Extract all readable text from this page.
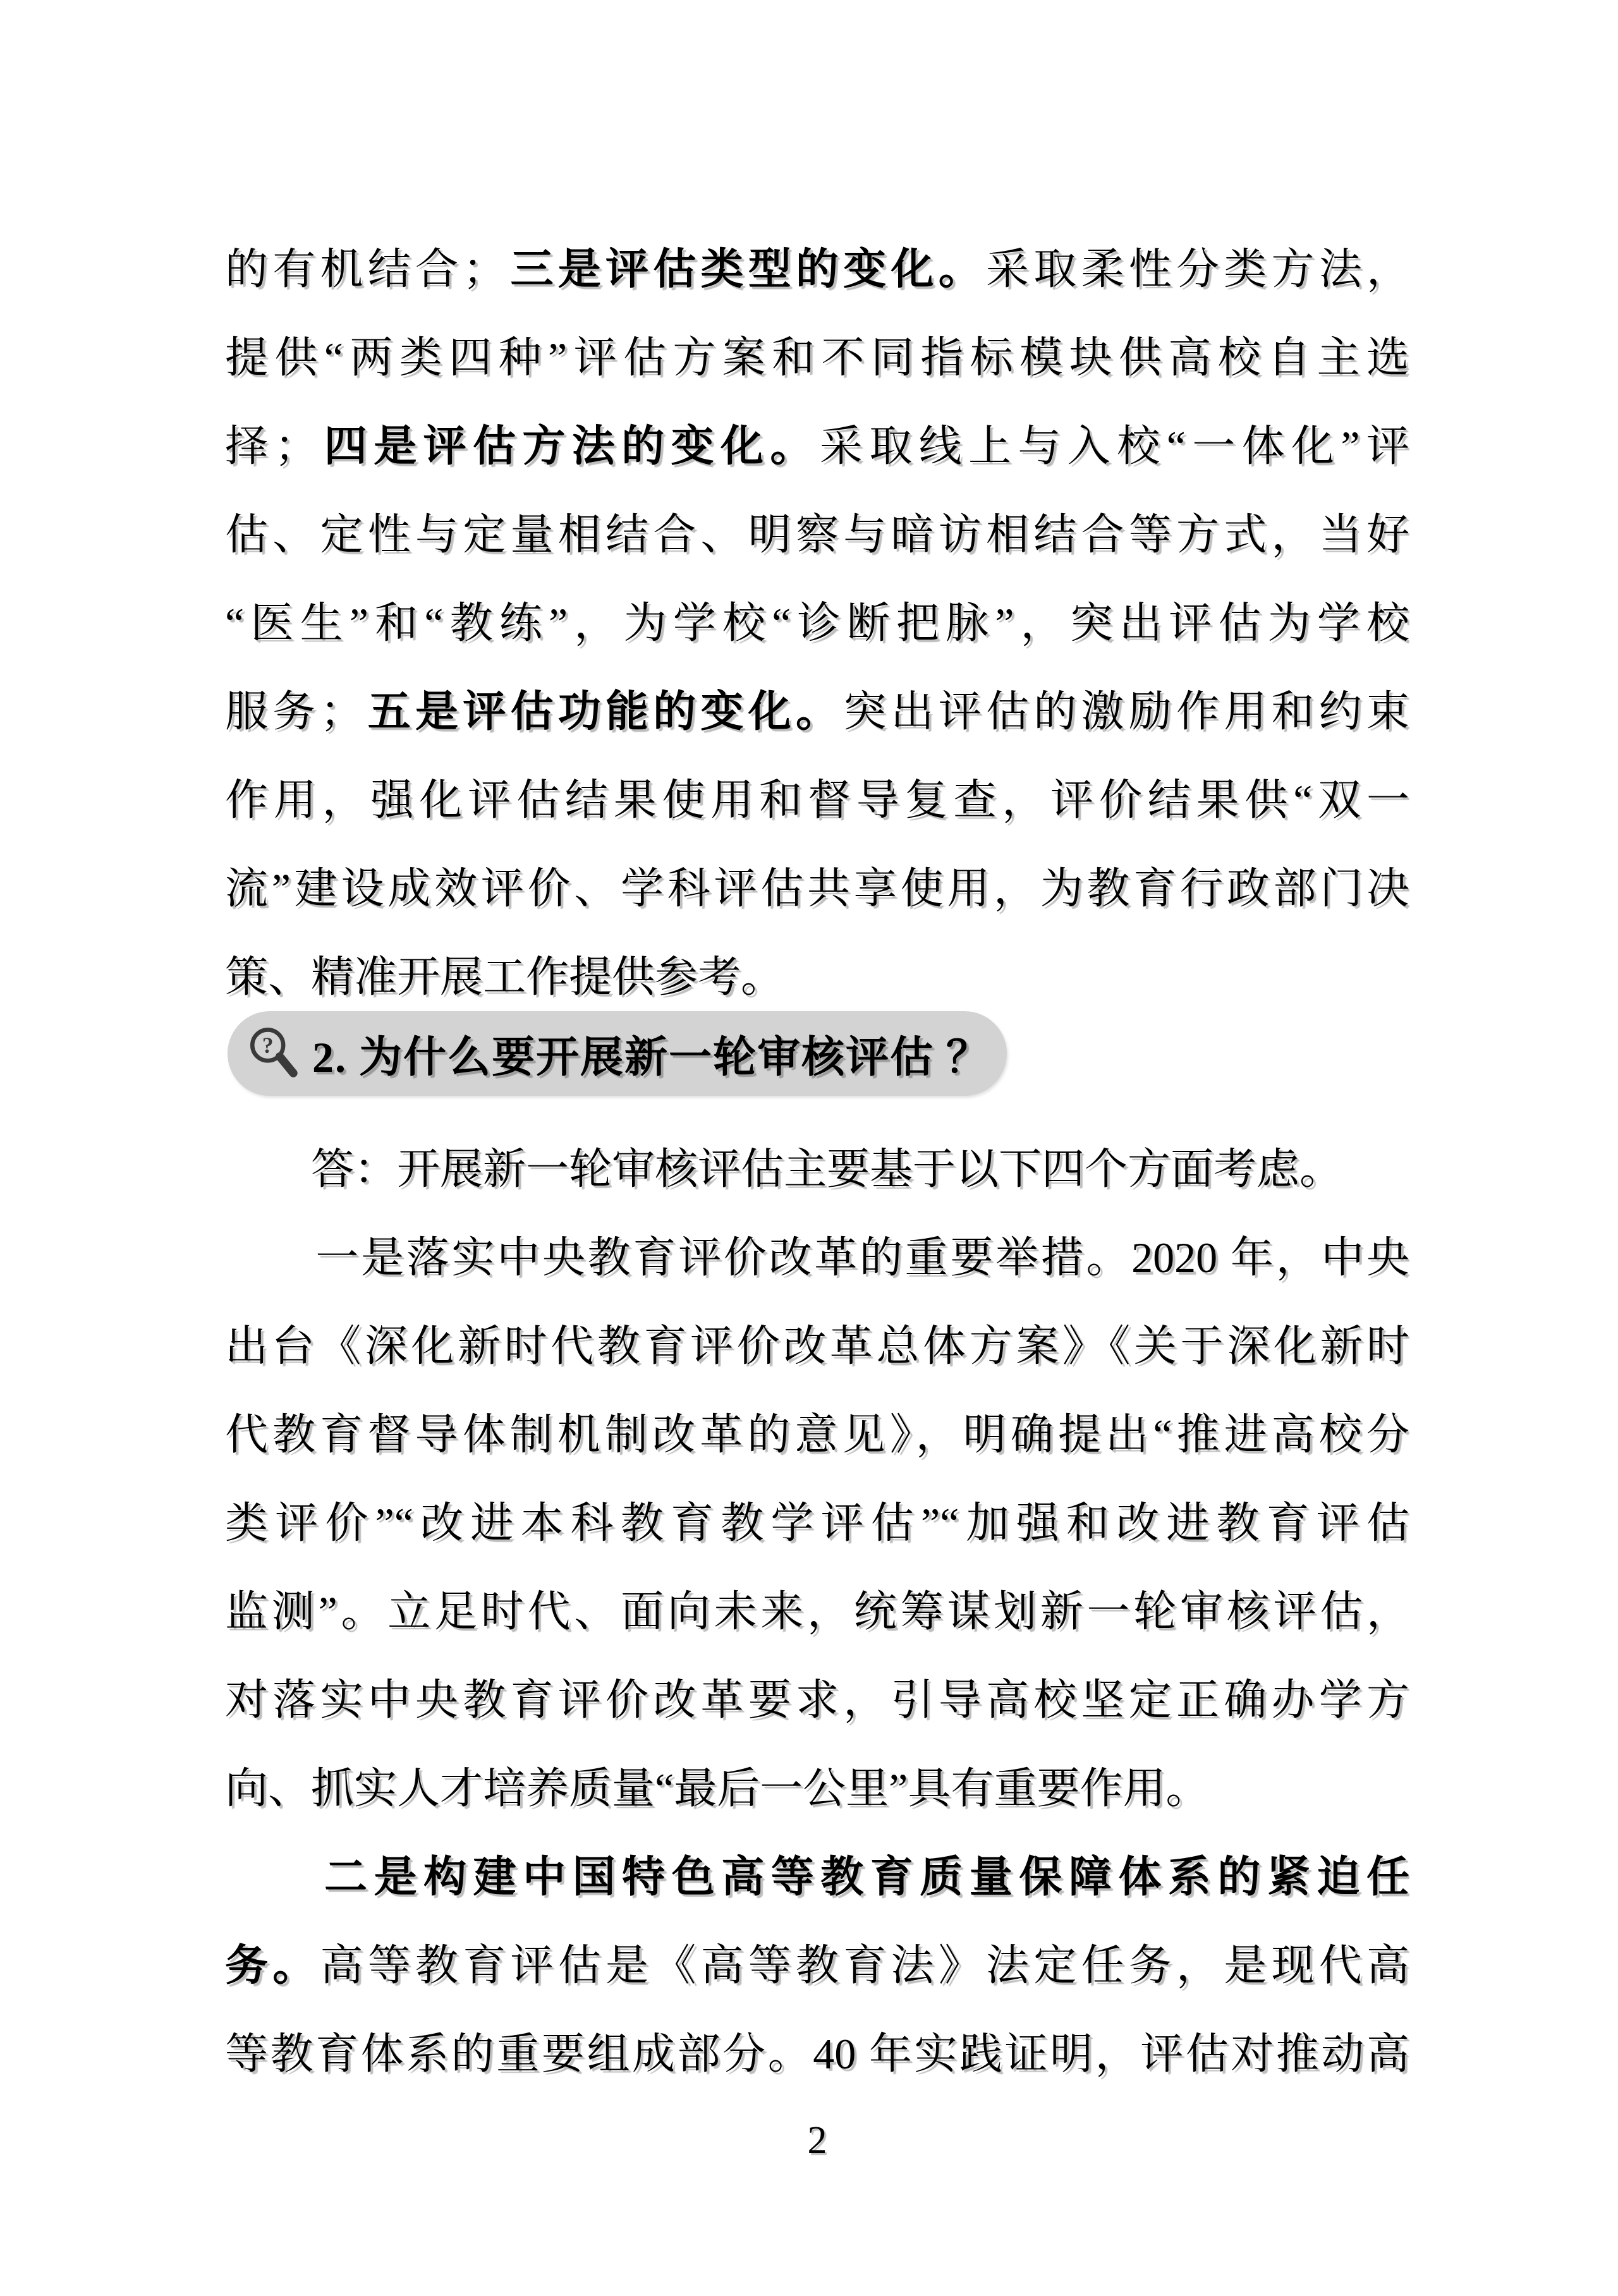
的有机结合；三是评估类型的变化。采取柔性分类方法，
提供“两类四种”评估方案和不同指标模块供高校自主选
择；四是评估方法的变化。采取线上与入校“一体化”评
估、定性与定量相结合、明察与暗访相结合等方式，当好
“医生”和“教练”，为学校“诊断把脉”，突出评估为学校
服务；五是评估功能的变化。突出评估的激励作用和约束
作用，强化评估结果使用和督导复查，评价结果供“双一
流”建设成效评价、学科评估共享使用，为教育行政部门决
策、精准开展工作提供参考。
? 2. 为什么要开展新一轮审核评估 ？
　　答：开展新一轮审核评估主要基于以下四个方面考虑。
　　一是落实中央教育评价改革的重要举措。2020 年，中央
出台《深化新时代教育评价改革总体方案》《关于深化新时
代教育督导体制机制改革的意见》，明确提出“推进高校分
类评价”“改进本科教育教学评估”“加强和改进教育评估
监测”。立足时代、面向未来，统筹谋划新一轮审核评估，
对落实中央教育评价改革要求，引导高校坚定正确办学方
向、抓实人才培养质量“最后一公里”具有重要作用。
　　二是构建中国特色高等教育质量保障体系的紧迫任
务。高等教育评估是《高等教育法》法定任务，是现代高
等教育体系的重要组成部分。40 年实践证明，评估对推动高
2
